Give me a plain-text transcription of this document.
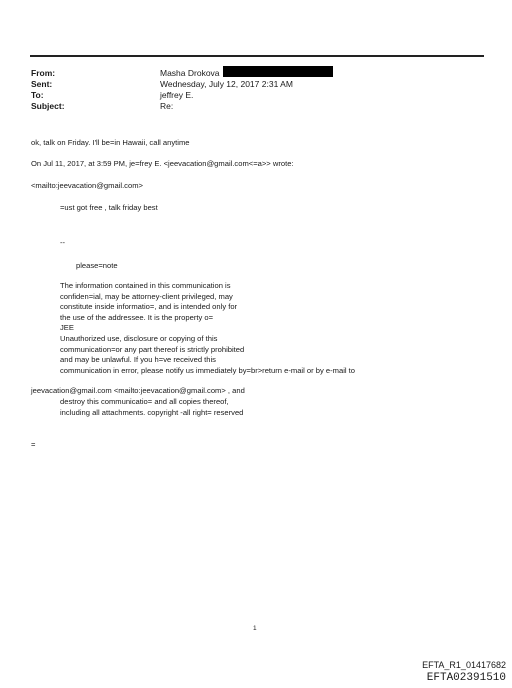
From:	Masha Drokova
Sent:	Wednesday, July 12, 2017 2:31 AM
To:	jeffrey E.
Subject:	Re:
ok, talk on Friday. I'll be=in Hawaii, call anytime
On Jul 11, 2017, at 3:59 PM, je=frey E. <jeevacation@gmail.com<=a>> wrote:
<mailto:jeevacation@gmail.com>
=ust got free , talk friday best
--
please=note
The information contained in this communication is
confiden=ial, may be attorney-client privileged, may
constitute inside informatio=, and is intended only for
the use of the addressee. It is the property o=
JEE
Unauthorized use, disclosure or copying of this
communication=or any part thereof is strictly prohibited
and may be unlawful. If you h=ve received this
communication in error, please notify us immediately by=br>return e-mail or by e-mail to
jeevacation@gmail.com <mailto:jeevacation@gmail.com> , and
destroy this communicatio= and all copies thereof,
including all attachments. copyright -all right= reserved
=
1
EFTA_R1_01417682
EFTA02391510
